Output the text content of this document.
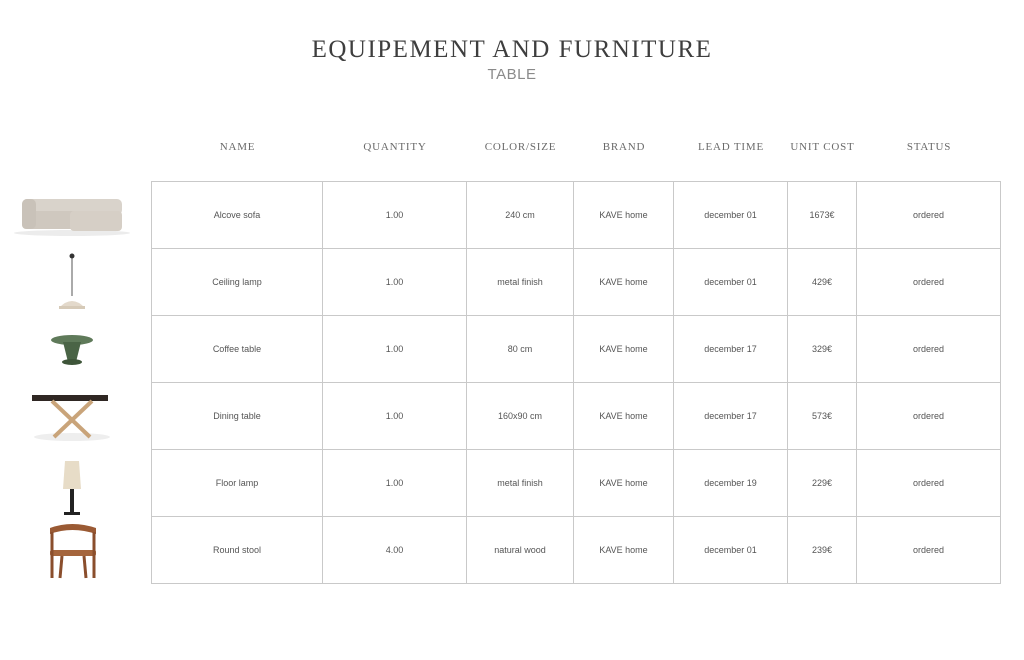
EQUIPEMENT AND FURNITURE
TABLE
NAME	QUANTITY	COLOR/SIZE	BRAND	LEAD TIME	UNIT COST	STATUS
Alcove sofa	1.00	240 cm	KAVE home	december 01	1673€	ordered
Ceiling lamp	1.00	metal finish	KAVE home	december 01	429€	ordered
Coffee table	1.00	80 cm	KAVE home	december 17	329€	ordered
Dining table	1.00	160x90 cm	KAVE home	december 17	573€	ordered
Floor lamp	1.00	metal finish	KAVE home	december 19	229€	ordered
Round stool	4.00	natural wood	KAVE home	december 01	239€	ordered
